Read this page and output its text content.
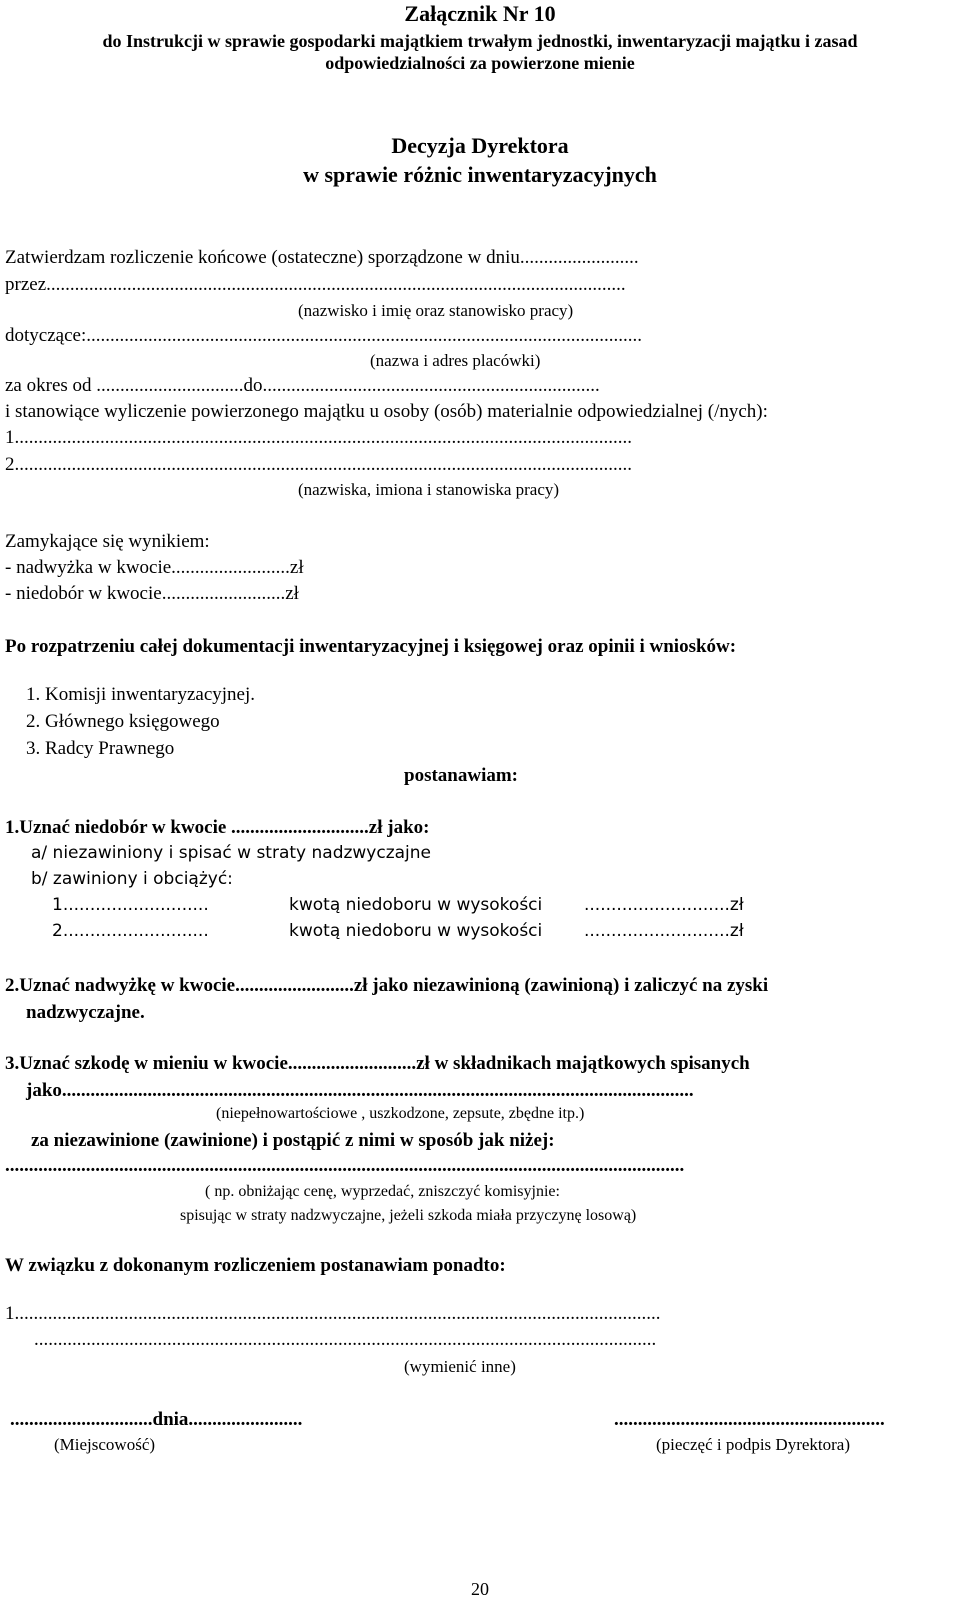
Załącznik Nr 10
do Instrukcji w sprawie gospodarki majątkiem trwałym jednostki, inwentaryzacji majątku i zasad
odpowiedzialności za powierzone mienie
Decyzja Dyrektora
w sprawie różnic inwentaryzacyjnych
Zatwierdzam rozliczenie końcowe (ostateczne) sporządzone w dniu.........................
przez..........................................................................................................................
(nazwisko i imię oraz stanowisko pracy)
dotyczące:.....................................................................................................................
(nazwa i adres placówki)
za okres od ...............................do.......................................................................
i stanowiące wyliczenie powierzonego majątku u osoby (osób) materialnie odpowiedzialnej (/nych):
1..................................................................................................................................
2..................................................................................................................................
(nazwiska, imiona i stanowiska pracy)
Zamykające się wynikiem:
- nadwyżka w kwocie.........................zł
- niedobór w kwocie..........................zł
Po rozpatrzeniu całej dokumentacji inwentaryzacyjnej i księgowej oraz opinii i wniosków:
1. Komisji inwentaryzacyjnej.
2. Głównego księgowego
3. Radcy Prawnego
postanawiam:
1.Uznać niedobór w kwocie .............................zł jako:
a/ niezawiniony i spisać w straty nadzwyczajne
b/ zawiniony i obciążyć:
1...........................	kwotą niedoboru w wysokości ...........................zł
2...........................	kwotą niedoboru w wysokości ...........................zł
2.Uznać nadwyżkę w kwocie.........................zł jako niezawinioną (zawinioną) i zaliczyć na zyski
nadzwyczajne.
3.Uznać szkodę w mieniu w kwocie...........................zł w składnikach majątkowych spisanych
jako.....................................................................................................................................
(niepełnowartościowe , uszkodzone, zepsute, zbędne itp.)
za niezawinione (zawinione) i postąpić z nimi w sposób jak niżej:
...............................................................................................................................................
( np. obniżając cenę, wyprzedać, zniszczyć komisyjnie:
spisując w straty nadzwyczajne, jeżeli szkoda miała przyczynę losową)
W związku z dokonanym rozliczeniem postanawiam ponadto:
1........................................................................................................................................
...................................................................................................................................
(wymienić inne)
..............................dnia........................
(Miejscowość)
.........................................................
(pieczęć i podpis Dyrektora)
20
